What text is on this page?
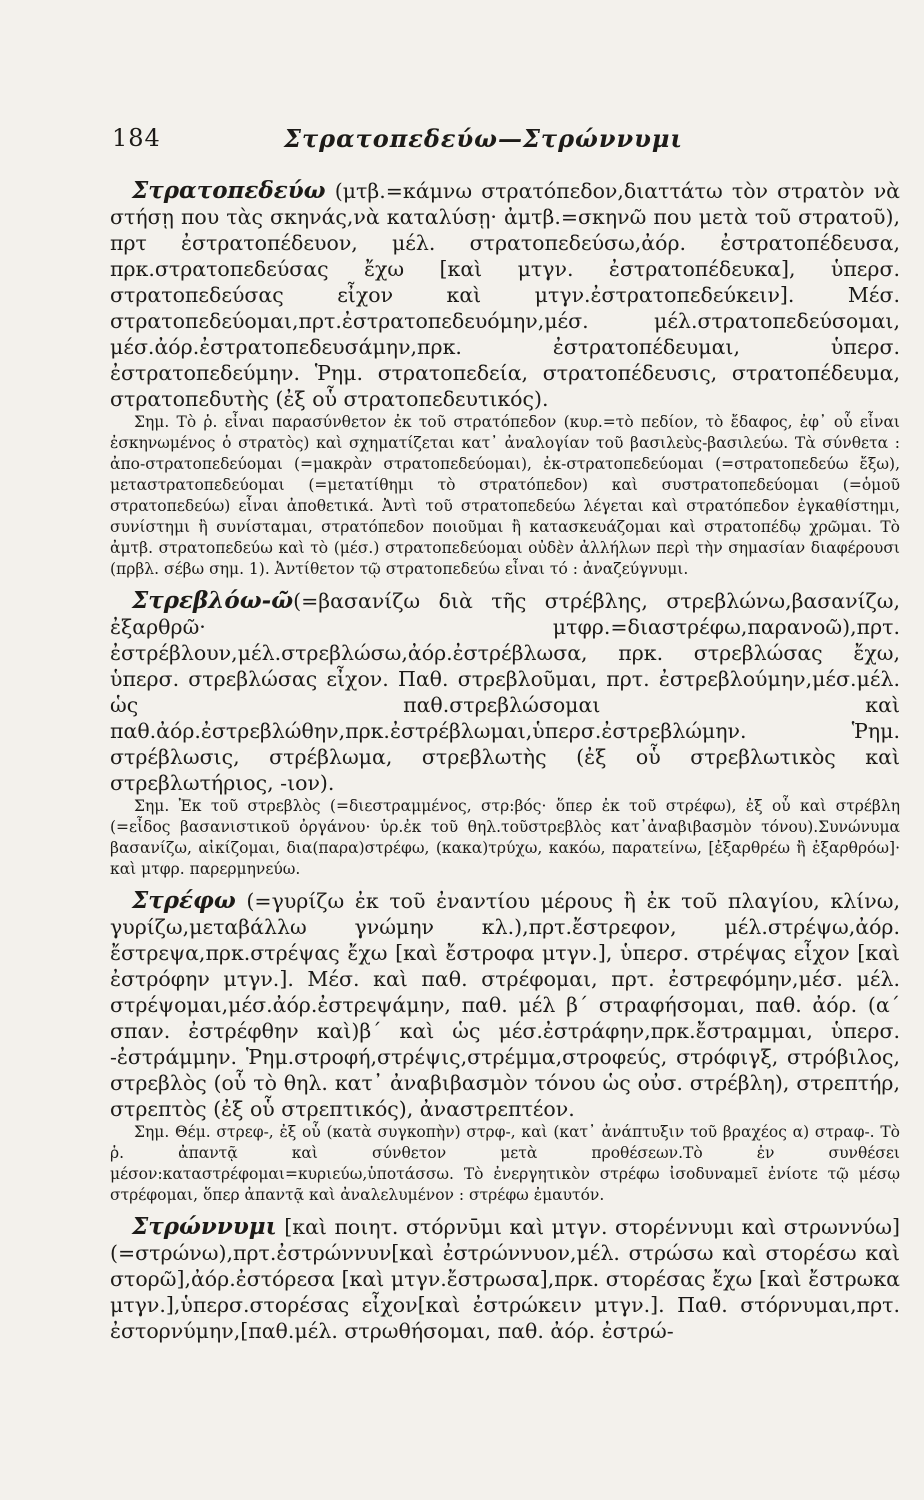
184	Στρατοπεδεύω—Στρώννυμι

Στρατοπεδεύω (μτβ.=κάμνω στρατόπεδον,διαττάτω τὸν στρατὸν νὰ στήσῃ που τὰς σκηνάς,νὰ καταλύσῃ· ἀμτβ.=σκηνῶ που μετὰ τοῦ στρατοῦ), πρτ ἐστρατοπέδευον, μέλ. στρατοπεδεύσω,ἀόρ. ἐστρατοπέδευσα, πρκ.στρατοπεδεύσας ἔχω [καὶ μτγν. ἐστρατοπέδευκα], ὑπερσ. στρατοπεδεύσας εἶχον καὶ μτγν.ἐστρατοπεδεύκειν]. Μέσ. στρατοπεδεύομαι,πρτ.ἐστρατοπεδευόμην,μέσ. μέλ.στρατοπεδεύσομαι, μέσ.ἀόρ.ἐστρατοπεδευσάμην,πρκ. ἐστρατοπέδευμαι, ὑπερσ. ἐστρατοπεδεύμην. Ῥημ. στρατοπεδεία, στρατοπέδευσις, στρατοπέδευμα, στρατοπεδυτὴς (ἐξ οὗ στρατοπεδευτικός).

Σημ. Τὸ ῥ. εἶναι παρασύνθετον ἐκ τοῦ στρατόπεδον (κυρ.=τὸ πεδίον, τὸ ἔδαφος, ἐφ᾽ οὗ εἶναι ἐσκηνωμένος ὁ στρατὸς) καὶ σχηματίζεται κατ᾽ ἀναλογίαν τοῦ βασιλεὺς-βασιλεύω. Τὰ σύνθετα : ἀπο-στρατοπεδεύομαι (=μακρὰν στρατοπεδεύομαι), ἐκ-στρατοπεδεύομαι (=στρατοπεδεύω ἔξω), μεταστρατοπεδεύομαι (=μετατίθημι τὸ στρατόπεδον) καὶ συστρατοπεδεύομαι (=ὁμοῦ στρατοπεδεύω) εἶναι ἀποθετικά. Ἀντὶ τοῦ στρατοπεδεύω λέγεται καὶ στρατόπεδον ἐγκαθίστημι, συνίστημι ἢ συνίσταμαι, στρατόπεδον ποιοῦμαι ἢ κατασκευάζομαι καὶ στρατοπέδῳ χρῶμαι. Τὸ ἀμτβ. στρατοπεδεύω καὶ τὸ (μέσ.) στρατοπεδεύομαι οὐδὲν ἀλλήλων περὶ τὴν σημασίαν διαφέρουσι (πρβλ. σέβω σημ. 1). Ἀντίθετον τῷ στρατοπεδεύω εἶναι τό : ἀναζεύγνυμι.

Στρεβλόω-ῶ(=βασανίζω διὰ τῆς στρέβλης, στρεβλώνω,βασανίζω, ἐξαρθρῶ· μτφρ.=διαστρέφω,παρανοῶ),πρτ. ἐστρέβλουν,μέλ.στρεβλώσω,ἀόρ.ἐστρέβλωσα, πρκ. στρεβλώσας ἔχω, ὑπερσ. στρεβλώσας εἶχον. Παθ. στρεβλοῦμαι, πρτ. ἐστρεβλούμην,μέσ.μέλ. ὡς παθ.στρεβλώσομαι καὶ παθ.ἀόρ.ἐστρεβλώθην,πρκ.ἐστρέβλωμαι,ὑπερσ.ἐστρεβλώμην. Ῥημ. στρέβλωσις, στρέβλωμα, στρεβλωτὴς (ἐξ οὗ στρεβλωτικὸς καὶ στρεβλωτήριος, -ιον).

Σημ. Ἐκ τοῦ στρεβλὸς (=διεστραμμένος, στρ:βός· ὅπερ ἐκ τοῦ στρέφω), ἐξ οὗ καὶ στρέβλη (=εἶδος βασανιστικοῦ ὀργάνου· ὑρ.ἐκ τοῦ θηλ.τοῦστρεβλὸς κατ᾽ἀναβιβασμὸν τόνου).Συνώνυμα βασανίζω, αἰκίζομαι, δια(παρα)στρέφω, (κακα)τρύχω, κακόω, παρατείνω, [ἐξαρθρέω ἢ ἐξαρθρόω]· καὶ μτφρ. παρερμηνεύω.

Στρέφω (=γυρίζω ἐκ τοῦ ἐναντίου μέρους ἢ ἐκ τοῦ πλαγίου, κλίνω, γυρίζω,μεταβάλλω γνώμην κλ.),πρτ.ἔστρεφον, μέλ.στρέψω,ἀόρ. ἔστρεψα,πρκ.στρέψας ἔχω [καὶ ἔστροφα μτγν.], ὑπερσ. στρέψας εἶχον [καὶ ἐστρόφην μτγν.]. Μέσ. καὶ παθ. στρέφομαι, πρτ. ἐστρεφόμην,μέσ. μέλ. στρέψομαι,μέσ.ἀόρ.ἐστρεψάμην, παθ. μέλ β´ στραφήσομαι, παθ. ἀόρ. (α´ σπαν. ἐστρέφθην καὶ)β´ καὶ ὡς μέσ.ἐστράφην,πρκ.ἔστραμμαι, ὑπερσ. -ἐστράμμην. Ῥημ.στροφή,στρέψις,στρέμμα,στροφεύς, στρόφιγξ, στρόβιλος, στρεβλὸς (οὗ τὸ θηλ. κατ᾽ ἀναβιβασμὸν τόνου ὡς οὐσ. στρέβλη), στρεπτήρ, στρεπτὸς (ἐξ οὗ στρεπτικός), ἀναστρεπτέον.

Σημ. Θέμ. στρεφ-, ἐξ οὗ (κατὰ συγκοπὴν) στρφ-, καὶ (κατ᾽ ἀνάπτυξιν τοῦ βραχέος α) στραφ-. Τὸ ῥ. ἀπαντᾷ καὶ σύνθετον μετὰ προθέσεων.Τὸ ἐν συνθέσει μέσον:καταστρέφομαι=κυριεύω,ὑποτάσσω. Τὸ ἐνεργητικὸν στρέφω ἰσοδυναμεῖ ἐνίοτε τῷ μέσῳ στρέφομαι, ὅπερ ἀπαντᾷ καὶ ἀναλελυμένον : στρέφω ἐμαυτόν.

Στρώννυμι [καὶ ποιητ. στόρνῡμι καὶ μτγν. στορέννυμι καὶ στρωννύω](=στρώνω),πρτ.ἐστρώννυν[καὶ ἐστρώννυον,μέλ. στρώσω καὶ στορέσω καὶ στορῶ],ἀόρ.ἐστόρεσα [καὶ μτγν.ἔστρωσα],πρκ. στορέσας ἔχω [καὶ ἔστρωκα μτγν.],ὑπερσ.στορέσας εἶχον[καὶ ἐστρώκειν μτγν.]. Παθ. στόρνυμαι,πρτ. ἐστορνύμην,[παθ.μέλ. στρωθήσομαι, παθ. ἀόρ. ἐστρώ-
